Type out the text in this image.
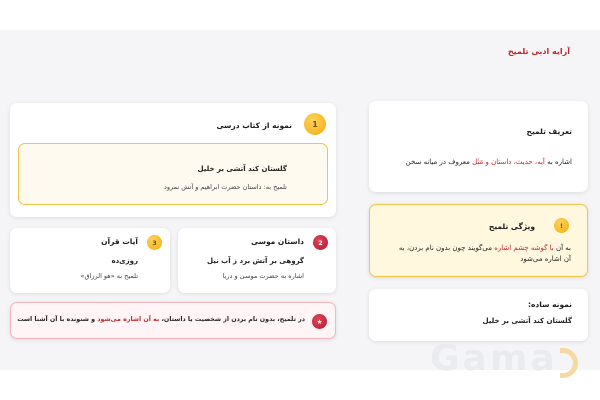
آرایه ادبی تلمیح
تعریف تلمیح
اشاره به آیه، حدیث، داستان و مَثَل معروف در میانه سخن
!
ویژگی تلمیح
به آن با گوشه چشم اشاره می‌گویند چون بدون نام بردن، به
آن اشاره می‌شود
نمونه ساده:
گلستان کند آتشی بر خلیل
1
نمونه از کتاب درسی
گلستان کند آتشی بر خلیل
تلمیح به: داستان حضرت ابراهیم و آتش نمرود
2
داستان موسی
گروهی بر آتش برد ز آب نیل
اشاره به حضرت موسی و دریا
3
آیات قرآن
روزی‌ده
تلمیح به «هو الرزاق»
★
در تلمیح، بدون نام بردن از شخصیت یا داستان، به آن اشاره می‌شود و شنونده با آن آشنا است
Gama
